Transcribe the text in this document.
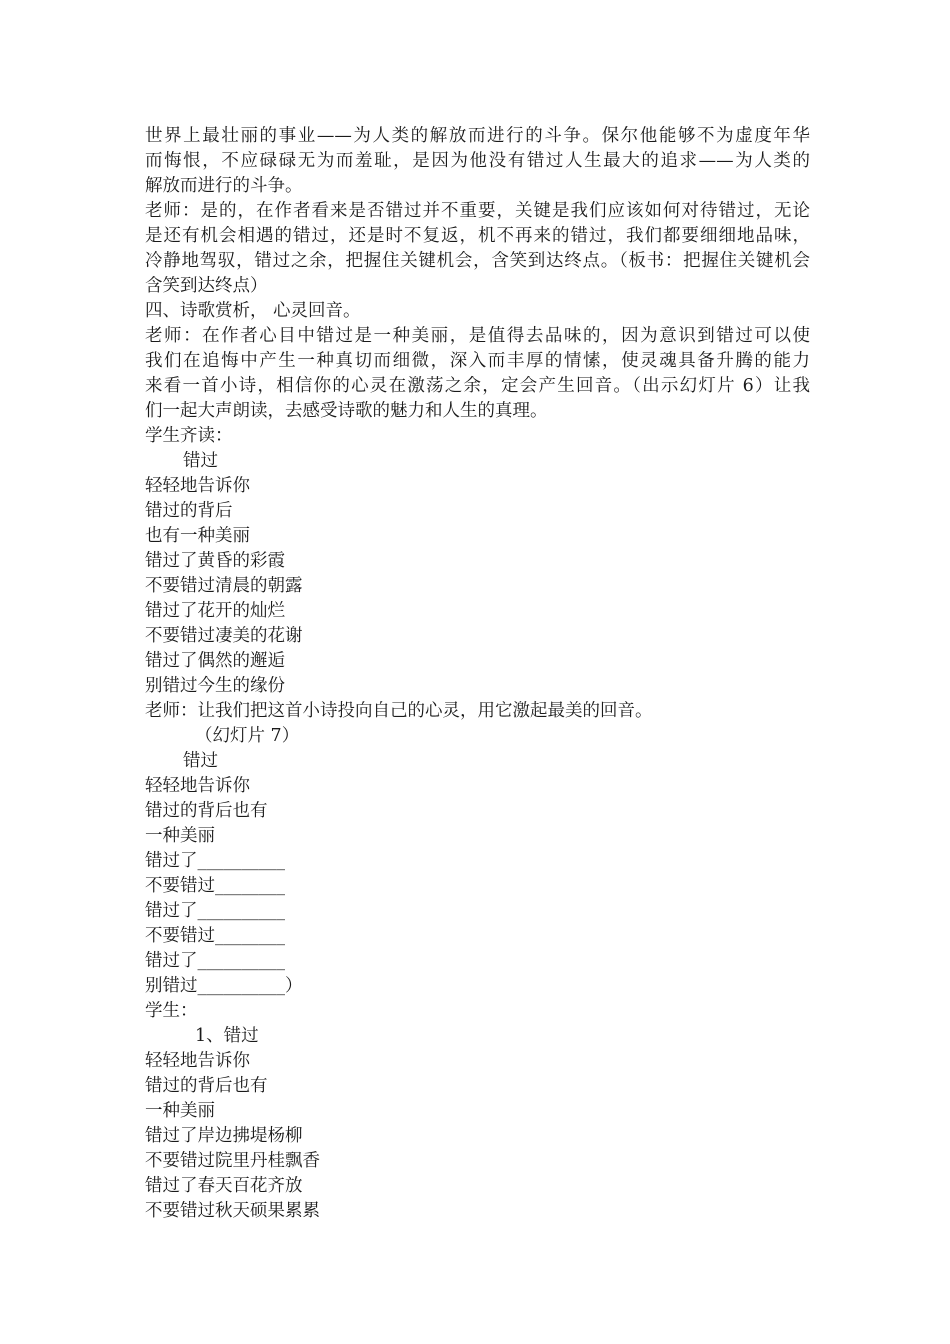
世界上最壮丽的事业——为人类的解放而进行的斗争。保尔他能够不为虚度年华
而悔恨，不应碌碌无为而羞耻，是因为他没有错过人生最大的追求——为人类的
解放而进行的斗争。
老师：是的，在作者看来是否错过并不重要，关键是我们应该如何对待错过，无论
是还有机会相遇的错过，还是时不复返，机不再来的错过，我们都要细细地品味，
冷静地驾驭，错过之余，把握住关键机会，含笑到达终点。（板书：把握住关键机会
含笑到达终点）
四、诗歌赏析， 心灵回音。
老师：在作者心目中错过是一种美丽，是值得去品味的，因为意识到错过可以使
我们在追悔中产生一种真切而细微，深入而丰厚的情愫，使灵魂具备升腾的能力
来看一首小诗，相信你的心灵在激荡之余，定会产生回音。（出示幻灯片 6）让我
们一起大声朗读，去感受诗歌的魅力和人生的真理。
学生齐读：
错过
轻轻地告诉你
错过的背后
也有一种美丽
错过了黄昏的彩霞
不要错过清晨的朝露
错过了花开的灿烂
不要错过凄美的花谢
错过了偶然的邂逅
别错过今生的缘份
老师：让我们把这首小诗投向自己的心灵，用它激起最美的回音。
（幻灯片 7）
错过
轻轻地告诉你
错过的背后也有
一种美丽
错过了__________
不要错过________
错过了__________
不要错过________
错过了__________
别错过__________）
学生：
1、错过
轻轻地告诉你
错过的背后也有
一种美丽
错过了岸边拂堤杨柳
不要错过院里丹桂飘香
错过了春天百花齐放
不要错过秋天硕果累累
